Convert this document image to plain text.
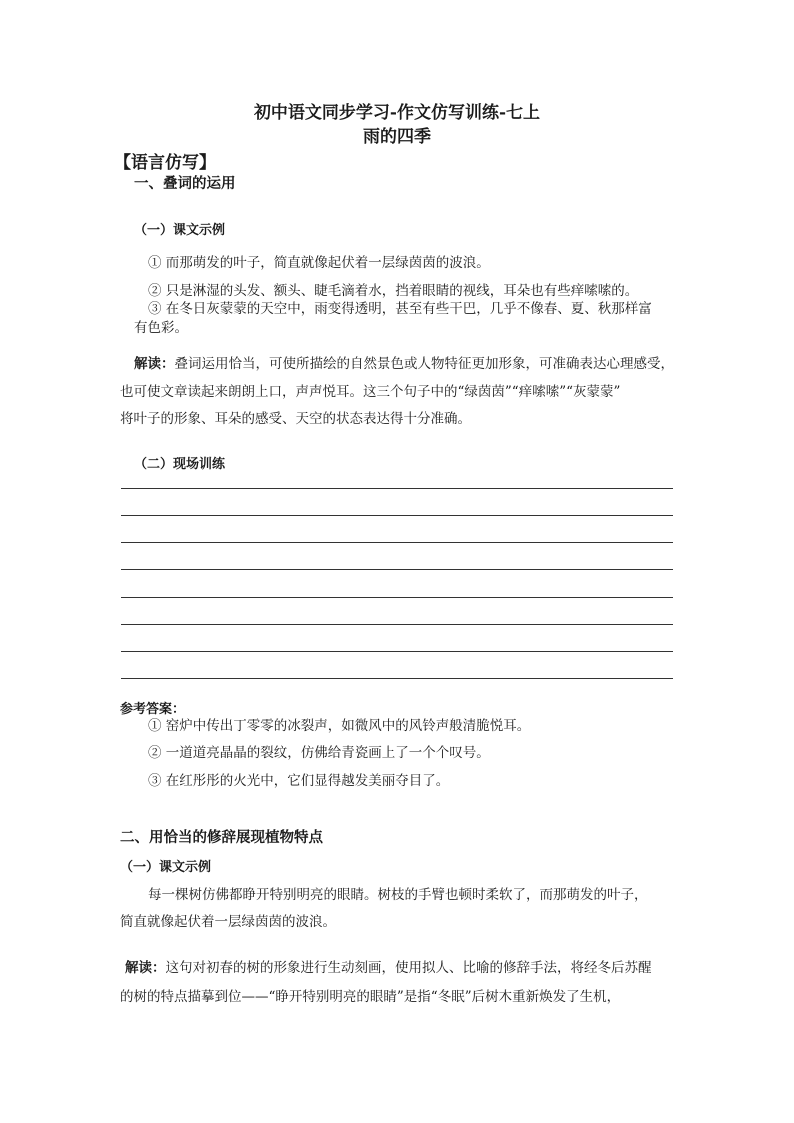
初中语文同步学习-作文仿写训练-七上
雨的四季
【语言仿写】
一、叠词的运用
（一）课文示例
① 而那萌发的叶子，简直就像起伏着一层绿茵茵的波浪。
② 只是淋湿的头发、额头、睫毛滴着水，挡着眼睛的视线，耳朵也有些痒嗦嗦的。
③ 在冬日灰蒙蒙的天空中，雨变得透明，甚至有些干巴，几乎不像春、夏、秋那样富
有色彩。
解读：叠词运用恰当，可使所描绘的自然景色或人物特征更加形象，可准确表达心理感受，
也可使文章读起来朗朗上口，声声悦耳。这三个句子中的“绿茵茵”“痒嗦嗦”“灰蒙蒙”
将叶子的形象、耳朵的感受、天空的状态表达得十分准确。
（二）现场训练
参考答案：
① 窑炉中传出丁零零的冰裂声，如微风中的风铃声般清脆悦耳。
② 一道道亮晶晶的裂纹，仿佛给青瓷画上了一个个叹号。
③ 在红彤彤的火光中，它们显得越发美丽夺目了。
二、用恰当的修辞展现植物特点
（一）课文示例
每一棵树仿佛都睁开特别明亮的眼睛。树枝的手臂也顿时柔软了，而那萌发的叶子，
简直就像起伏着一层绿茵茵的波浪。
解读：这句对初春的树的形象进行生动刻画，使用拟人、比喻的修辞手法，将经冬后苏醒
的树的特点描摹到位——“睁开特别明亮的眼睛”是指“冬眠”后树木重新焕发了生机，
